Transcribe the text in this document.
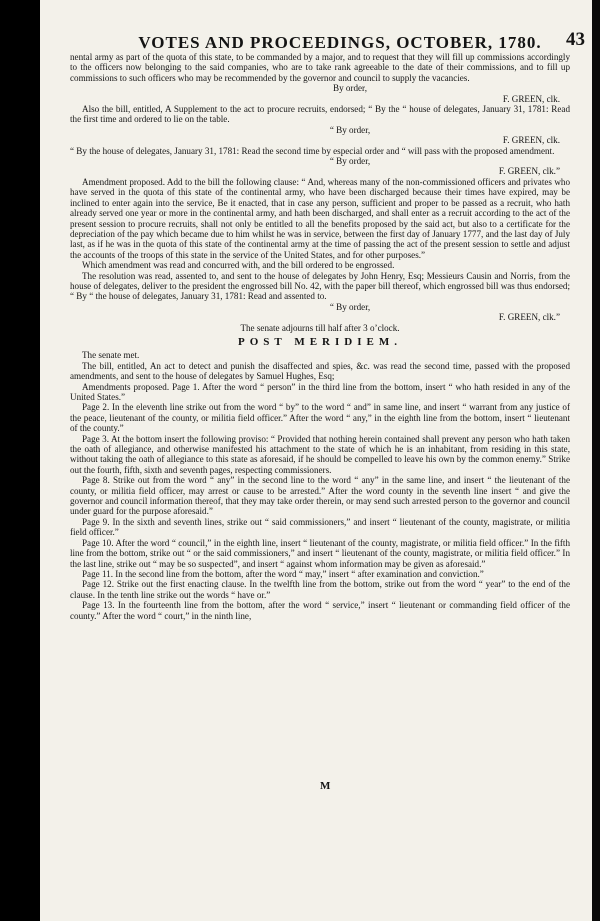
VOTES AND PROCEEDINGS, OCTOBER, 1780.	43

nental army as part of the quota of this state, to be commanded by a major, and to request that they will fill up commissions accordingly to the officers now belonging to the said companies, who are to take rank agreeable to the date of their commissions, and to fill up commissions to such officers who may be recommended by the governor and council to supply the vacancies.

By order,

F. GREEN, clk.

Also the bill, entitled, A Supplement to the act to procure recruits, endorsed; “ By the “ house of delegates, January 31, 1781: Read the first time and ordered to lie on the table.

“ By order,

F. GREEN, clk.

“ By the house of delegates, January 31, 1781: Read the second time by especial order and “ will pass with the proposed amendment.

“ By order,

F. GREEN, clk.”

Amendment proposed. Add to the bill the following clause: “ And, whereas many of the non-commissioned officers and privates who have served in the quota of this state of the continental army, who have been discharged because their times have expired, may be inclined to enter again into the service, Be it enacted, that in case any person, sufficient and proper to be passed as a recruit, who hath already served one year or more in the continental army, and hath been discharged, and shall enter as a recruit according to the act of the present session to procure recruits, shall not only be entitled to all the benefits proposed by the said act, but also to a certificate for the depreciation of the pay which became due to him whilst he was in service, between the first day of January 1777, and the last day of July last, as if he was in the quota of this state of the continental army at the time of passing the act of the present session to settle and adjust the accounts of the troops of this state in the service of the United States, and for other purposes.”

Which amendment was read and concurred with, and the bill ordered to be engrossed.

The resolution was read, assented to, and sent to the house of delegates by John Henry, Esq; Messieurs Causin and Norris, from the house of delegates, deliver to the president the engrossed bill No. 42, with the paper bill thereof, which engrossed bill was thus endorsed; “ By “ the house of delegates, January 31, 1781: Read and assented to.

“ By order,

F. GREEN, clk.”

The senate adjourns till half after 3 o’clock.

POST MERIDIEM.

The senate met.

The bill, entitled, An act to detect and punish the disaffected and spies, &c. was read the second time, passed with the proposed amendments, and sent to the house of delegates by Samuel Hughes, Esq;

Amendments proposed. Page 1. After the word “ person” in the third line from the bottom, insert “ who hath resided in any of the United States.”

Page 2. In the eleventh line strike out from the word “ by” to the word “ and” in same line, and insert “ warrant from any justice of the peace, lieutenant of the county, or militia field officer.” After the word “ any,” in the eighth line from the bottom, insert “ lieutenant of the county.”

Page 3. At the bottom insert the following proviso: “ Provided that nothing herein contained shall prevent any person who hath taken the oath of allegiance, and otherwise manifested his attachment to the state of which he is an inhabitant, from residing in this state, without taking the oath of allegiance to this state as aforesaid, if he should be compelled to leave his own by the common enemy.” Strike out the fourth, fifth, sixth and seventh pages, respecting commissioners.

Page 8. Strike out from the word “ any” in the second line to the word “ any” in the same line, and insert “ the lieutenant of the county, or militia field officer, may arrest or cause to be arrested.” After the word county in the seventh line insert “ and give the governor and council information thereof, that they may take order therein, or may send such arrested person to the governor and council under guard for the purpose aforesaid.”

Page 9. In the sixth and seventh lines, strike out “ said commissioners,” and insert “ lieutenant of the county, magistrate, or militia field officer.”

Page 10. After the word “ council,” in the eighth line, insert “ lieutenant of the county, magistrate, or militia field officer.” In the fifth line from the bottom, strike out “ or the said commissioners,” and insert “ lieutenant of the county, magistrate, or militia field officer.” In the last line, strike out “ may be so suspected”, and insert “ against whom information may be given as aforesaid.”

Page 11. In the second line from the bottom, after the word “ may,” insert “ after examination and conviction.”

Page 12. Strike out the first enacting clause. In the twelfth line from the bottom, strike out from the word “ year” to the end of the clause. In the tenth line strike out the words “ have or.”

Page 13. In the fourteenth line from the bottom, after the word “ service,” insert “ lieutenant or commanding field officer of the county.” After the word “ court,” in the ninth line,

M
